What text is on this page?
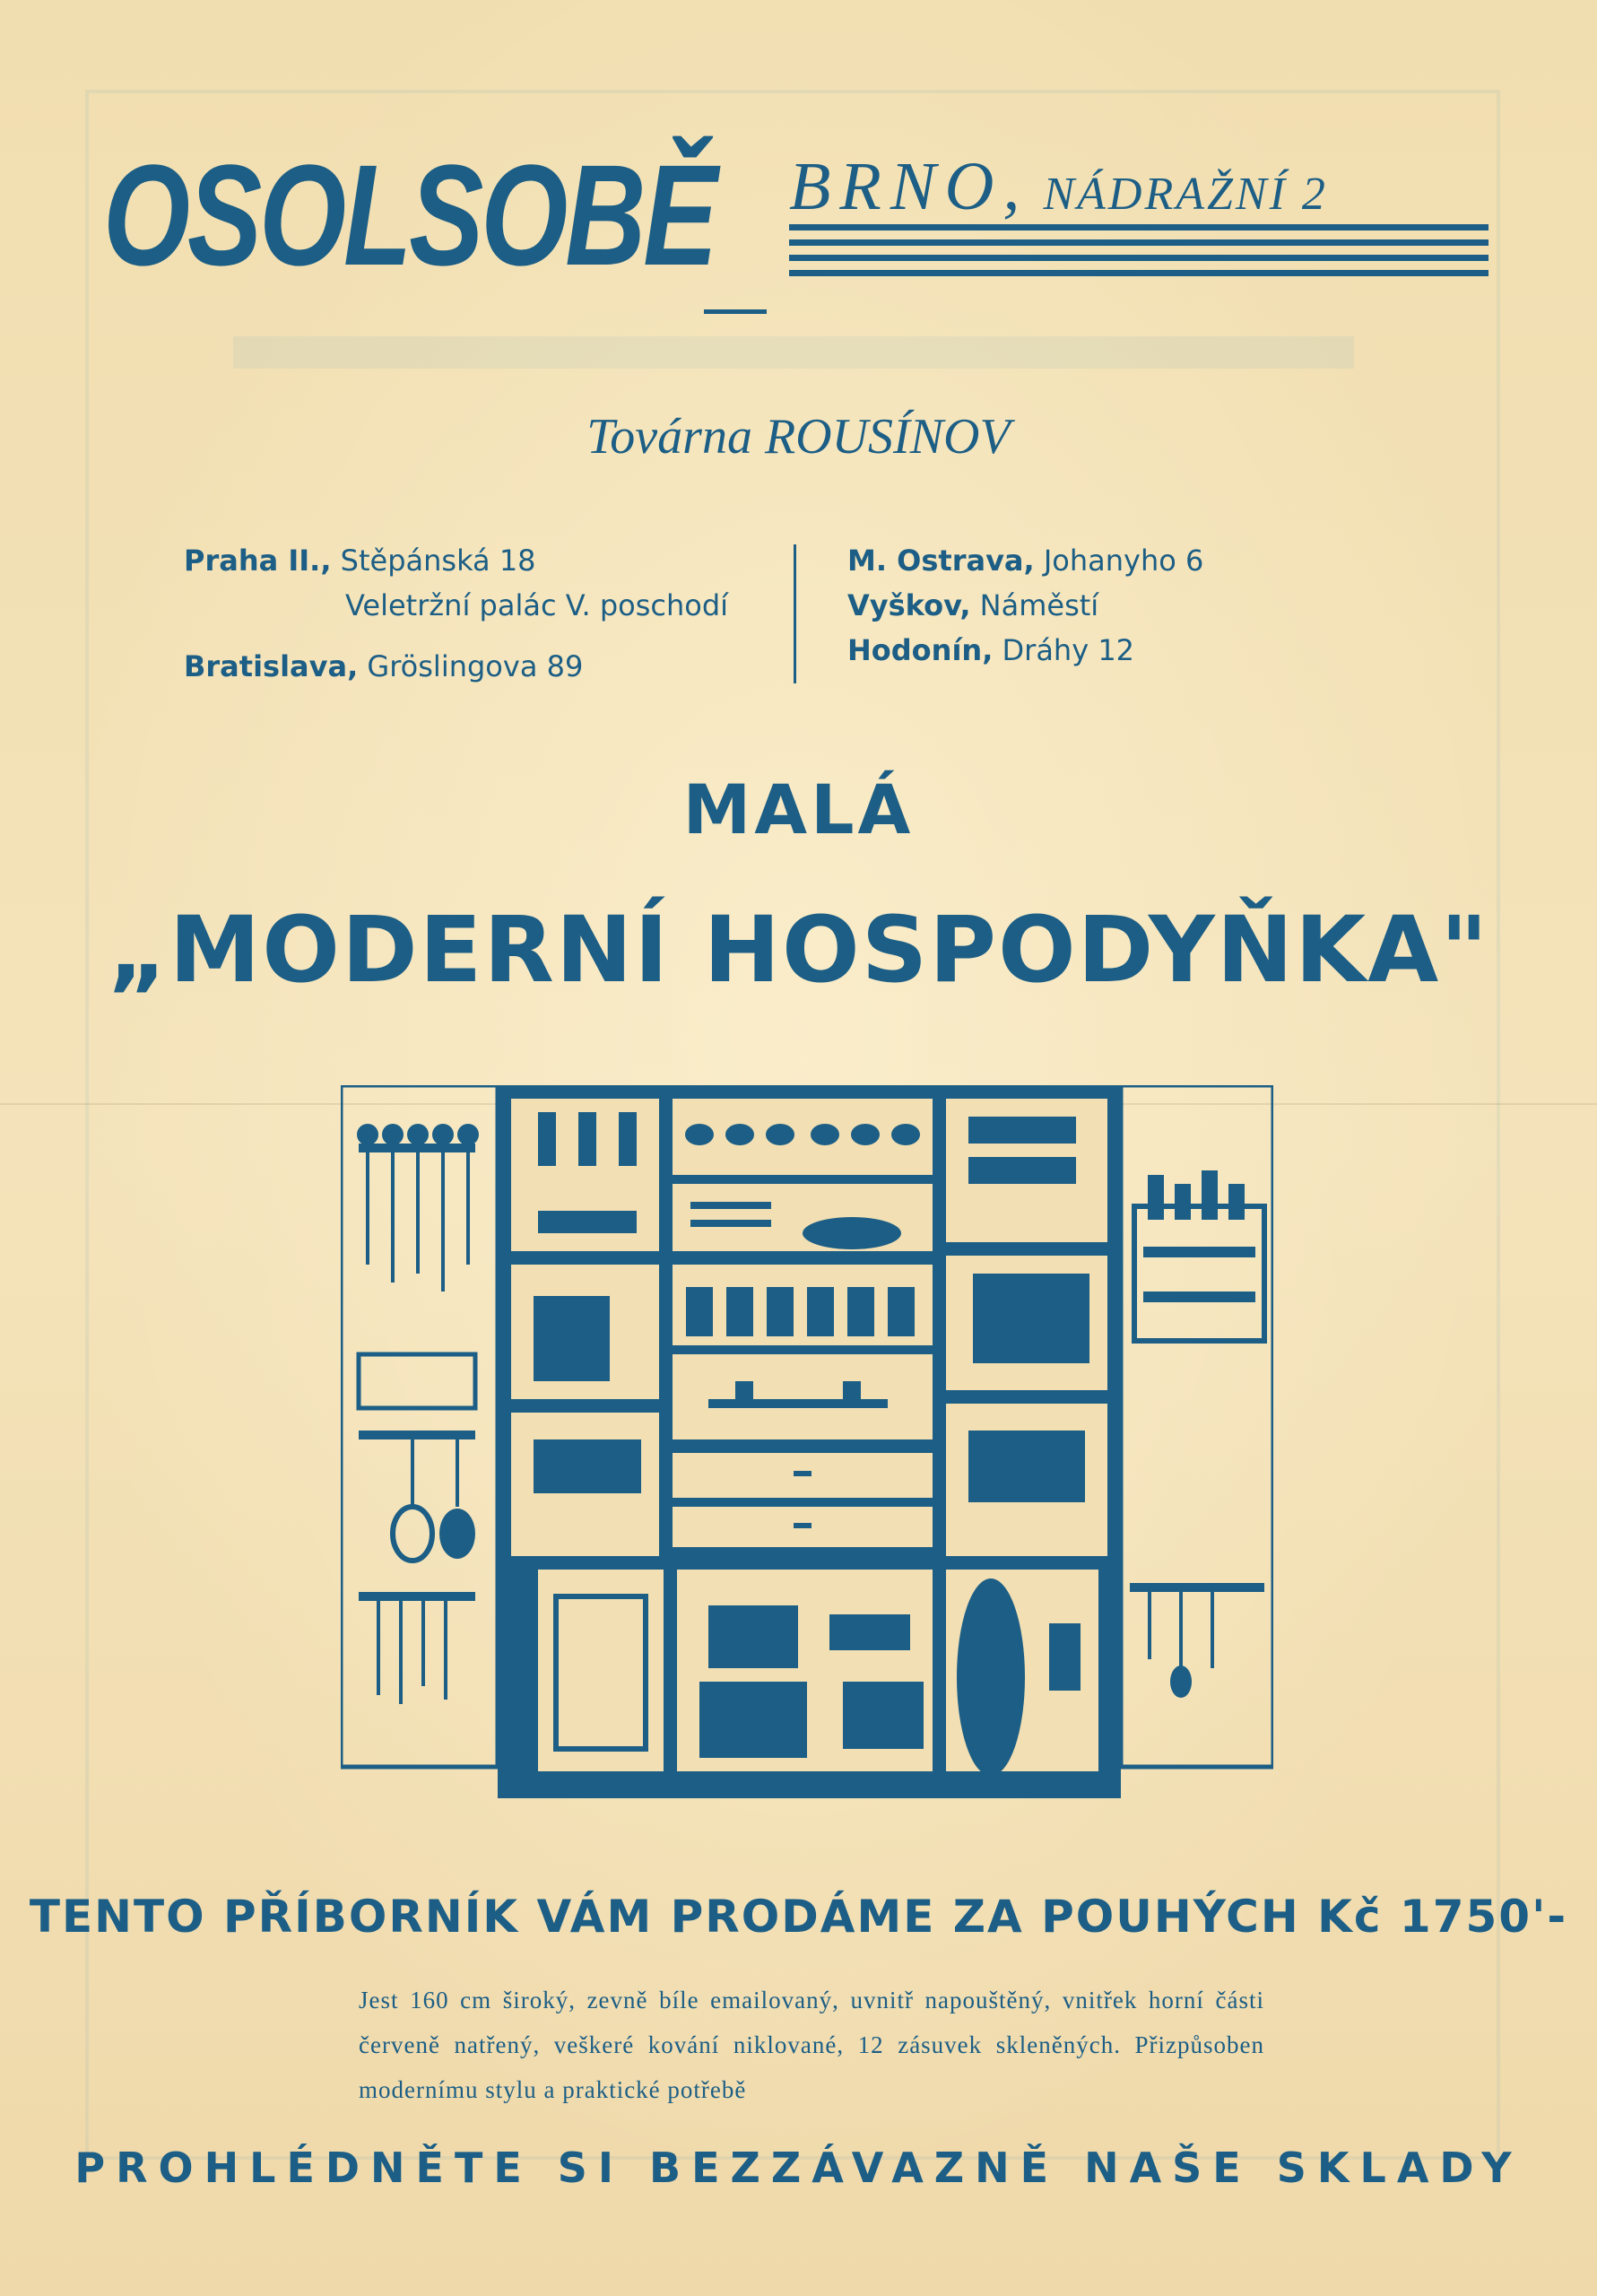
OSOLSOBĚ BRNO, NÁDRAŽNÍ 2
Továrna ROUSÍNOV
Praha II., Stěpánská 18
Veletržní palác V. poschodí
Bratislava, Gröslingova 89
M. Ostrava, Johanyho 6
Vyškov, Náměstí
Hodonín, Dráhy 12
MALÁ
„MODERNÍ HOSPODYŇKA"
TENTO PŘÍBORNÍK VÁM PRODÁME ZA POUHÝCH Kč 1750'-
Jest 160 cm široký, zevně bíle emailovaný, uvnitř napouštěný, vnitřek horní části červeně natřený, veškeré kování niklované, 12 zásuvek skleněných. Přizpůsoben modernímu stylu a praktické potřebě
PROHLÉDNĚTE SI BEZZÁVAZNĚ NAŠE SKLADY
